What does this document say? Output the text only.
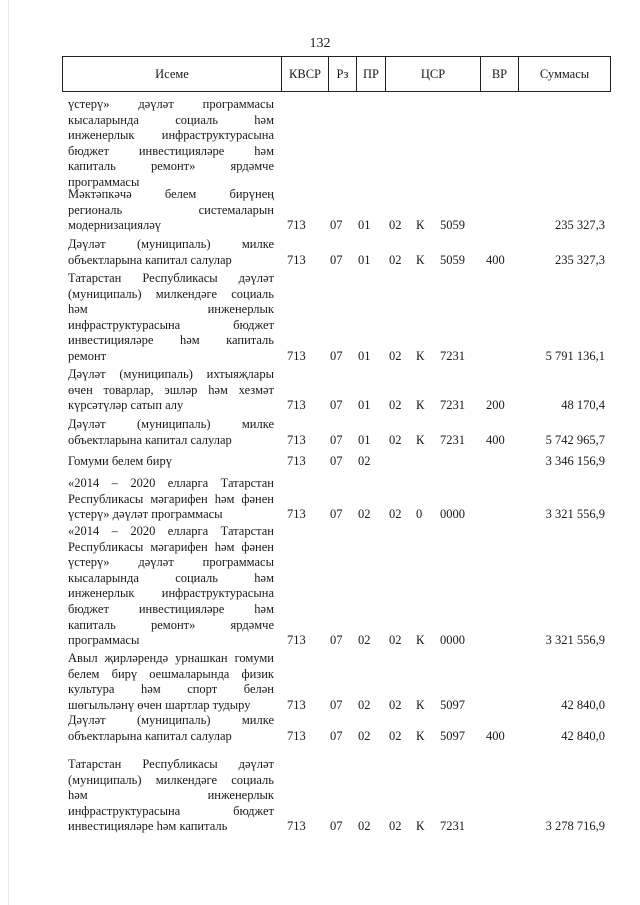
132
Исеме	КВСР	Рз	ПР	ЦСР	ВР	Суммасы
үстерү» дәүләт программасы
кысаларында социаль һәм
инженерлык инфраструктурасына
бюджет инвестицияләре һәм
капиталь ремонт» ярдәмче
программасы
Мәктәпкәчә белем бирүнең
региональ системаларын
модернизацияләү	713 07 01 02 К 5059	235 327,3
Дәүләт (муниципаль) милке
объектларына капитал салулар	713 07 01 02 К 5059 400	235 327,3
Татарстан Республикасы дәүләт
(муниципаль) милкендәге социаль
һәм инженерлык
инфраструктурасына бюджет
инвестицияләре һәм капиталь
ремонт	713 07 01 02 К 7231	5 791 136,1
Дәүләт (муниципаль) ихтыяҗлары
өчен товарлар, эшләр һәм хезмәт
күрсәтүләр сатып алу	713 07 01 02 К 7231 200	48 170,4
Дәүләт (муниципаль) милке
объектларына капитал салулар	713 07 01 02 К 7231 400	5 742 965,7
Гомуми белем бирү	713 07 02	3 346 156,9
«2014 – 2020 елларга Татарстан
Республикасы мәгарифен һәм фәнен
үстерү» дәүләт программасы	713 07 02 02 0 0000	3 321 556,9
«2014 – 2020 елларга Татарстан
Республикасы мәгарифен һәм фәнен
үстерү» дәүләт программасы
кысаларында социаль һәм
инженерлык инфраструктурасына
бюджет инвестицияләре һәм
капиталь ремонт» ярдәмче
программасы	713 07 02 02 К 0000	3 321 556,9
Авыл җирләрендә урнашкан гомуми
белем бирү оешмаларында физик
культура һәм спорт белән
шөгыльләнү өчен шартлар тудыру	713 07 02 02 К 5097	42 840,0
Дәүләт (муниципаль) милке
объектларына капитал салулар	713 07 02 02 К 5097 400	42 840,0
Татарстан Республикасы дәүләт
(муниципаль) милкендәге социаль
һәм инженерлык
инфраструктурасына бюджет
инвестицияләре һәм капиталь	713 07 02 02 К 7231	3 278 716,9
